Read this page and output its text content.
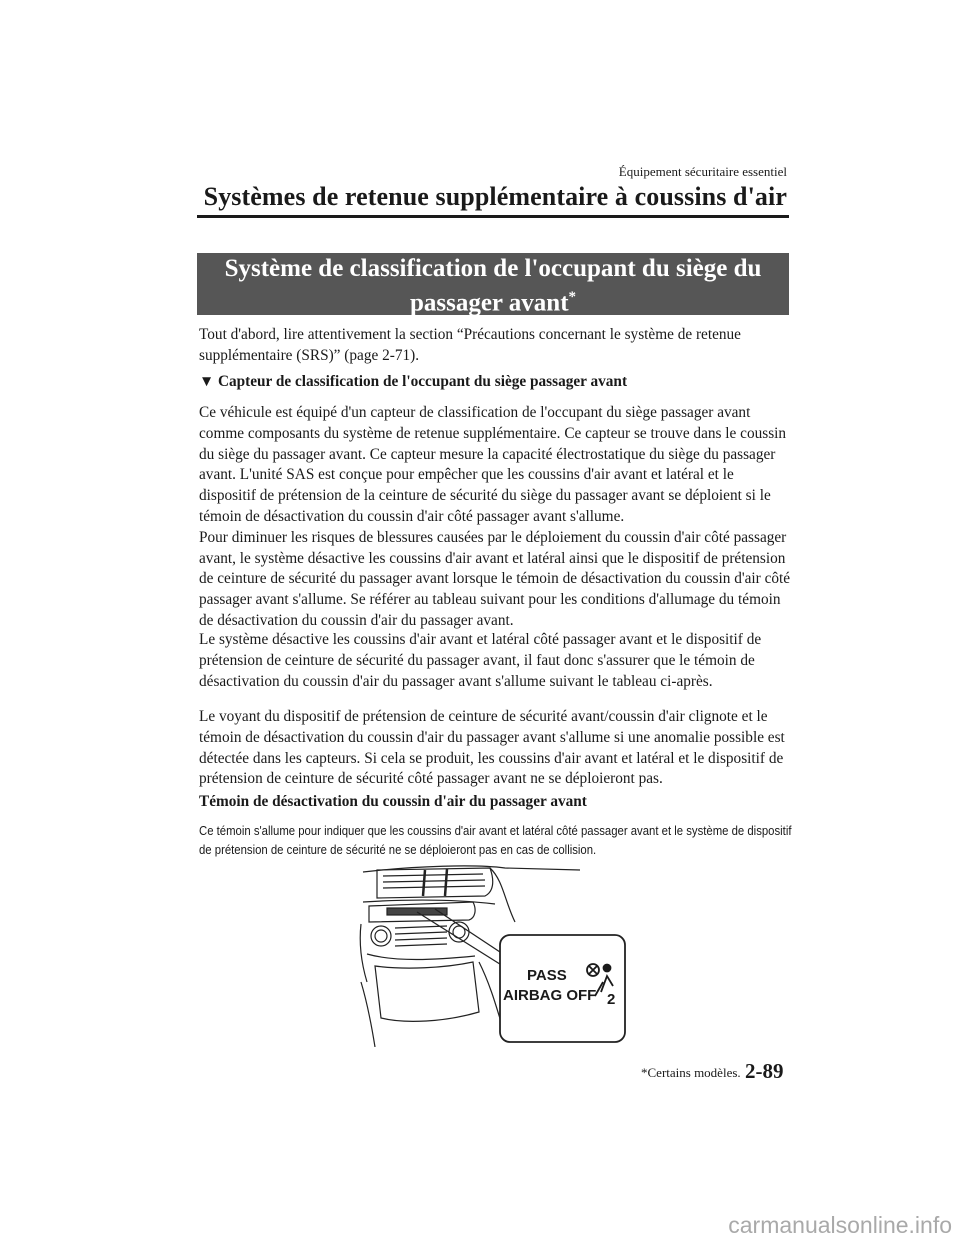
Équipement sécuritaire essentiel
Systèmes de retenue supplémentaire à coussins d'air
Système de classification de l'occupant du siège du
passager avant*

Tout d'abord, lire attentivement la section “Précautions concernant le système de retenue supplémentaire (SRS)” (page 2-71).

▼ Capteur de classification de l'occupant du siège passager avant

Ce véhicule est équipé d'un capteur de classification de l'occupant du siège passager avant comme composants du système de retenue supplémentaire. Ce capteur se trouve dans le coussin du siège du passager avant. Ce capteur mesure la capacité électrostatique du siège du passager avant. L'unité SAS est conçue pour empêcher que les coussins d'air avant et latéral et le dispositif de prétension de la ceinture de sécurité du siège du passager avant se déploient si le témoin de désactivation du coussin d'air côté passager avant s'allume.

Pour diminuer les risques de blessures causées par le déploiement du coussin d'air côté passager avant, le système désactive les coussins d'air avant et latéral ainsi que le dispositif de prétension de ceinture de sécurité du passager avant lorsque le témoin de désactivation du coussin d'air côté passager avant s'allume. Se référer au tableau suivant pour les conditions d'allumage du témoin de désactivation du coussin d'air du passager avant.

Le système désactive les coussins d'air avant et latéral côté passager avant et le dispositif de prétension de ceinture de sécurité du passager avant, il faut donc s'assurer que le témoin de désactivation du coussin d'air du passager avant s'allume suivant le tableau ci-après.

Le voyant du dispositif de prétension de ceinture de sécurité avant/coussin d'air clignote et le témoin de désactivation du coussin d'air du passager avant s'allume si une anomalie possible est détectée dans les capteurs. Si cela se produit, les coussins d'air avant et latéral et le dispositif de prétension de ceinture de sécurité côté passager avant ne se déploieront pas.

Témoin de désactivation du coussin d'air du passager avant

Ce témoin s'allume pour indiquer que les coussins d'air avant et latéral côté passager avant et le système de dispositif de prétension de ceinture de sécurité ne se déploieront pas en cas de collision.

PASS
AIRBAG OFF 2
*Certains modèles. 2-89
carmanualsonline.info
